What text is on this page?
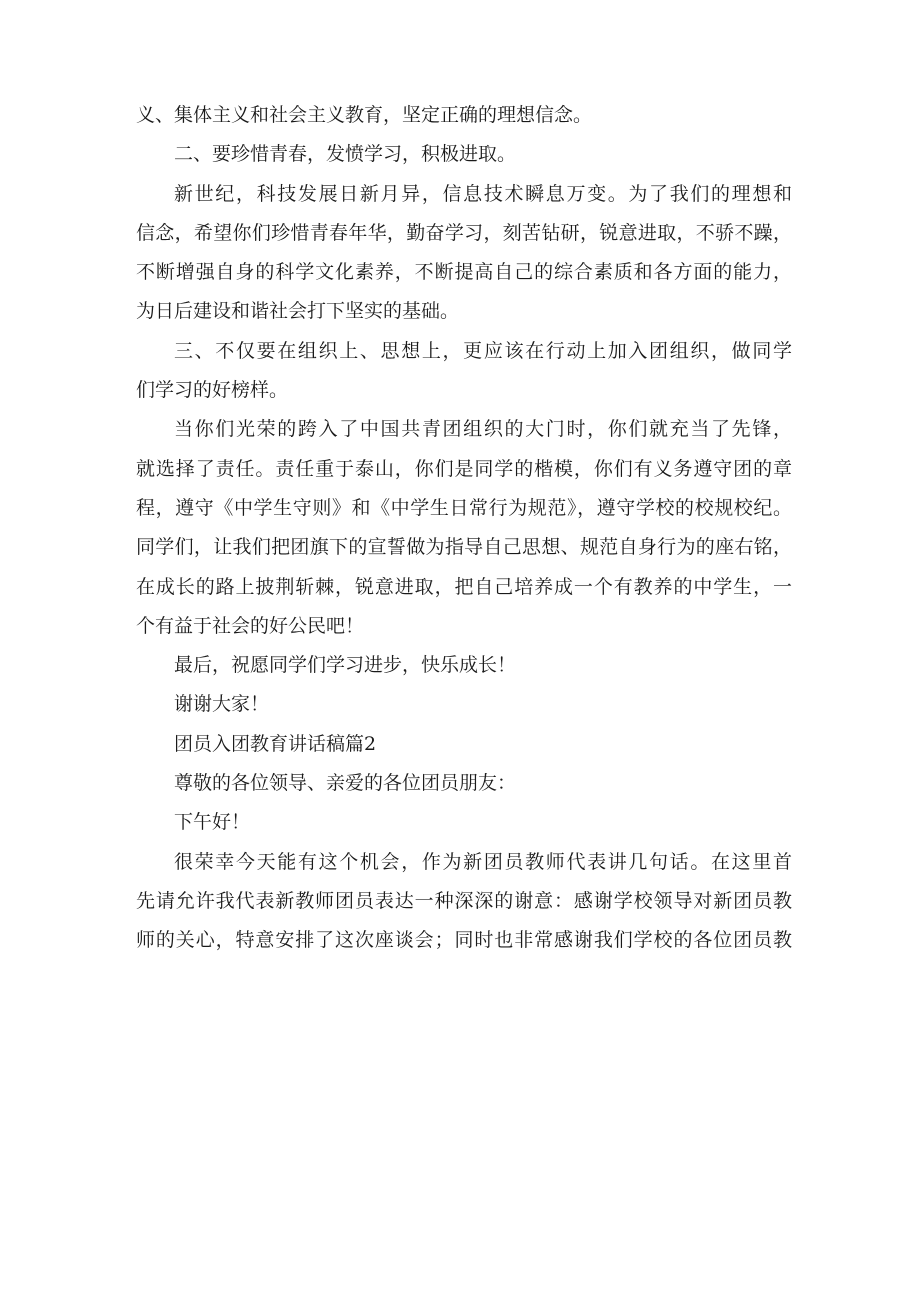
义、集体主义和社会主义教育，坚定正确的理想信念。
二、要珍惜青春，发愤学习，积极进取。
新世纪，科技发展日新月异，信息技术瞬息万变。为了我们的理想和
信念，希望你们珍惜青春年华，勤奋学习，刻苦钻研，锐意进取，不骄不躁，
不断增强自身的科学文化素养，不断提高自己的综合素质和各方面的能力，
为日后建设和谐社会打下坚实的基础。
三、不仅要在组织上、思想上，更应该在行动上加入团组织，做同学
们学习的好榜样。
当你们光荣的跨入了中国共青团组织的大门时，你们就充当了先锋，
就选择了责任。责任重于泰山，你们是同学的楷模，你们有义务遵守团的章
程，遵守《中学生守则》和《中学生日常行为规范》，遵守学校的校规校纪。
同学们，让我们把团旗下的宣誓做为指导自己思想、规范自身行为的座右铭，
在成长的路上披荆斩棘，锐意进取，把自己培养成一个有教养的中学生，一
个有益于社会的好公民吧！
最后，祝愿同学们学习进步，快乐成长！
谢谢大家！
团员入团教育讲话稿篇2
尊敬的各位领导、亲爱的各位团员朋友：
下午好！
很荣幸今天能有这个机会，作为新团员教师代表讲几句话。在这里首
先请允许我代表新教师团员表达一种深深的谢意：感谢学校领导对新团员教
师的关心，特意安排了这次座谈会；同时也非常感谢我们学校的各位团员教
